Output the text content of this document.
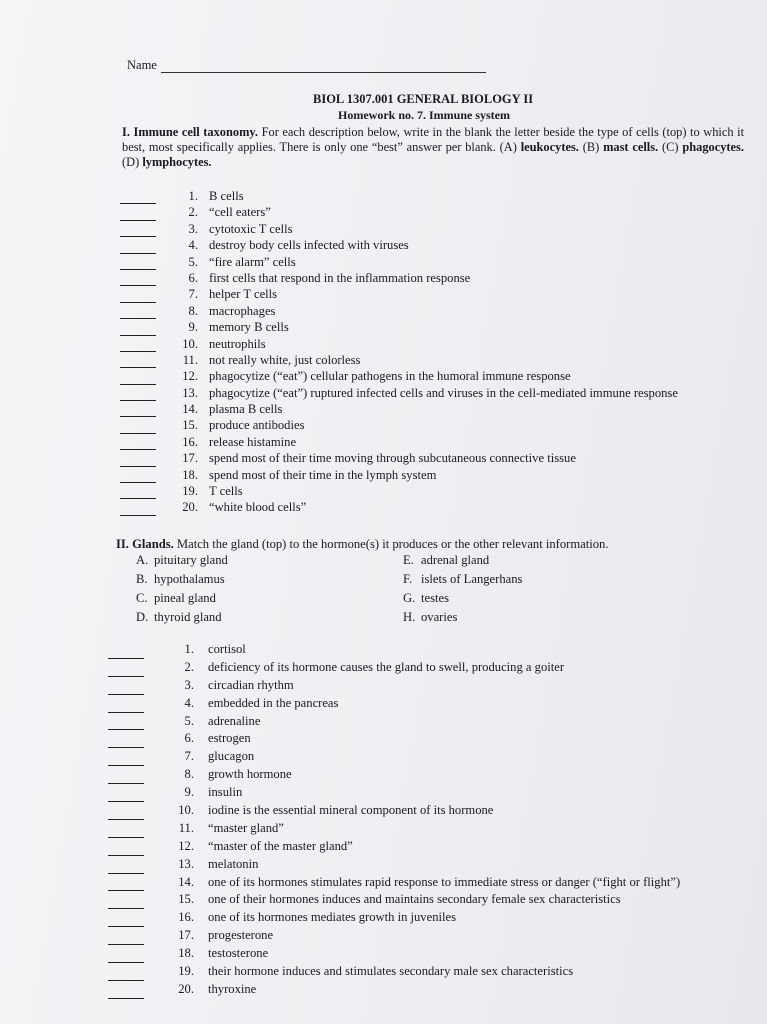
Name
BIOL 1307.001 GENERAL BIOLOGY II
Homework no. 7. Immune system
I. Immune cell taxonomy. For each description below, write in the blank the letter beside the type of cells (top) to which it best, most specifically applies. There is only one “best” answer per blank. (A) leukocytes. (B) mast cells. (C) phagocytes. (D) lymphocytes.
1. B cells
2. “cell eaters”
3. cytotoxic T cells
4. destroy body cells infected with viruses
5. “fire alarm” cells
6. first cells that respond in the inflammation response
7. helper T cells
8. macrophages
9. memory B cells
10. neutrophils
11. not really white, just colorless
12. phagocytize (“eat”) cellular pathogens in the humoral immune response
13. phagocytize (“eat”) ruptured infected cells and viruses in the cell-mediated immune response
14. plasma B cells
15. produce antibodies
16. release histamine
17. spend most of their time moving through subcutaneous connective tissue
18. spend most of their time in the lymph system
19. T cells
20. “white blood cells”
II. Glands. Match the gland (top) to the hormone(s) it produces or the other relevant information.
A. pituitary gland
B. hypothalamus
C. pineal gland
D. thyroid gland
E. adrenal gland
F. islets of Langerhans
G. testes
H. ovaries
1. cortisol
2. deficiency of its hormone causes the gland to swell, producing a goiter
3. circadian rhythm
4. embedded in the pancreas
5. adrenaline
6. estrogen
7. glucagon
8. growth hormone
9. insulin
10. iodine is the essential mineral component of its hormone
11. “master gland”
12. “master of the master gland”
13. melatonin
14. one of its hormones stimulates rapid response to immediate stress or danger (“fight or flight”)
15. one of their hormones induces and maintains secondary female sex characteristics
16. one of its hormones mediates growth in juveniles
17. progesterone
18. testosterone
19. their hormone induces and stimulates secondary male sex characteristics
20. thyroxine
